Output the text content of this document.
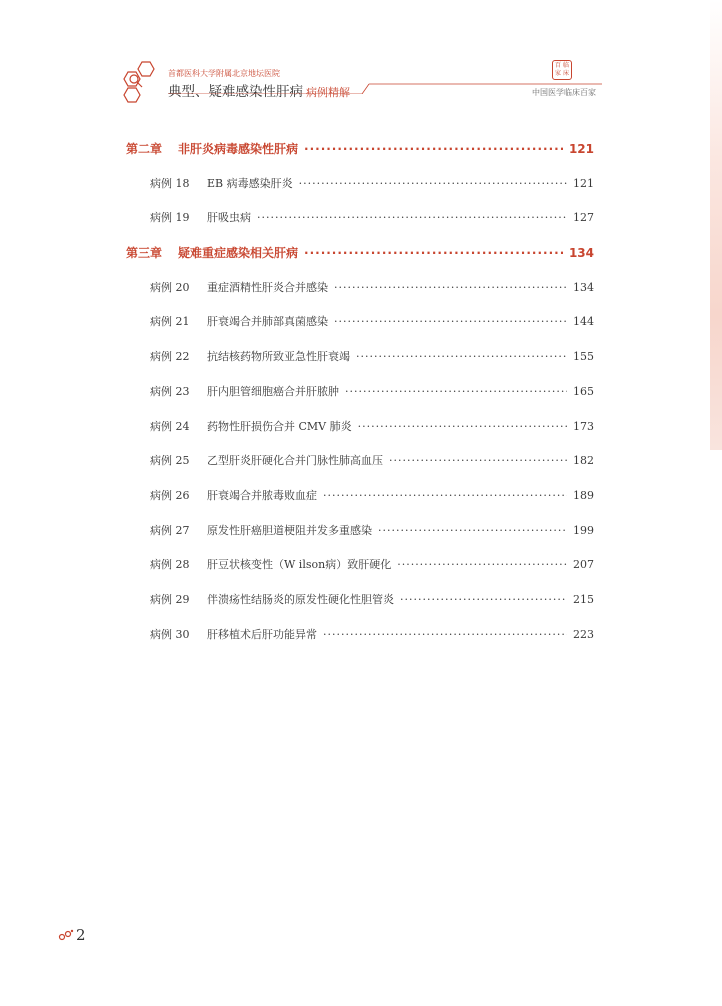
首都医科大学附属北京地坛医院
典型、疑难感染性肝病 病例精解
百 临
家 床
中国医学临床百家
第二章	非肝炎病毒感染性肝病 ·····	121
病例 18	EB 病毒感染肝炎 ·····	121
病例 19	肝吸虫病 ·····	127
第三章	疑难重症感染相关肝病 ·····	134
病例 20	重症酒精性肝炎合并感染 ·····	134
病例 21	肝衰竭合并肺部真菌感染 ·····	144
病例 22	抗结核药物所致亚急性肝衰竭 ·····	155
病例 23	肝内胆管细胞癌合并肝脓肿 ·····	165
病例 24	药物性肝损伤合并 CMV 肺炎 ·····	173
病例 25	乙型肝炎肝硬化合并门脉性肺高血压 ·····	182
病例 26	肝衰竭合并脓毒败血症 ·····	189
病例 27	原发性肝癌胆道梗阻并发多重感染 ·····	199
病例 28	肝豆状核变性（W ilson病）致肝硬化 ·····	207
病例 29	伴溃疡性结肠炎的原发性硬化性胆管炎 ·····	215
病例 30	肝移植术后肝功能异常 ·····	223
2
